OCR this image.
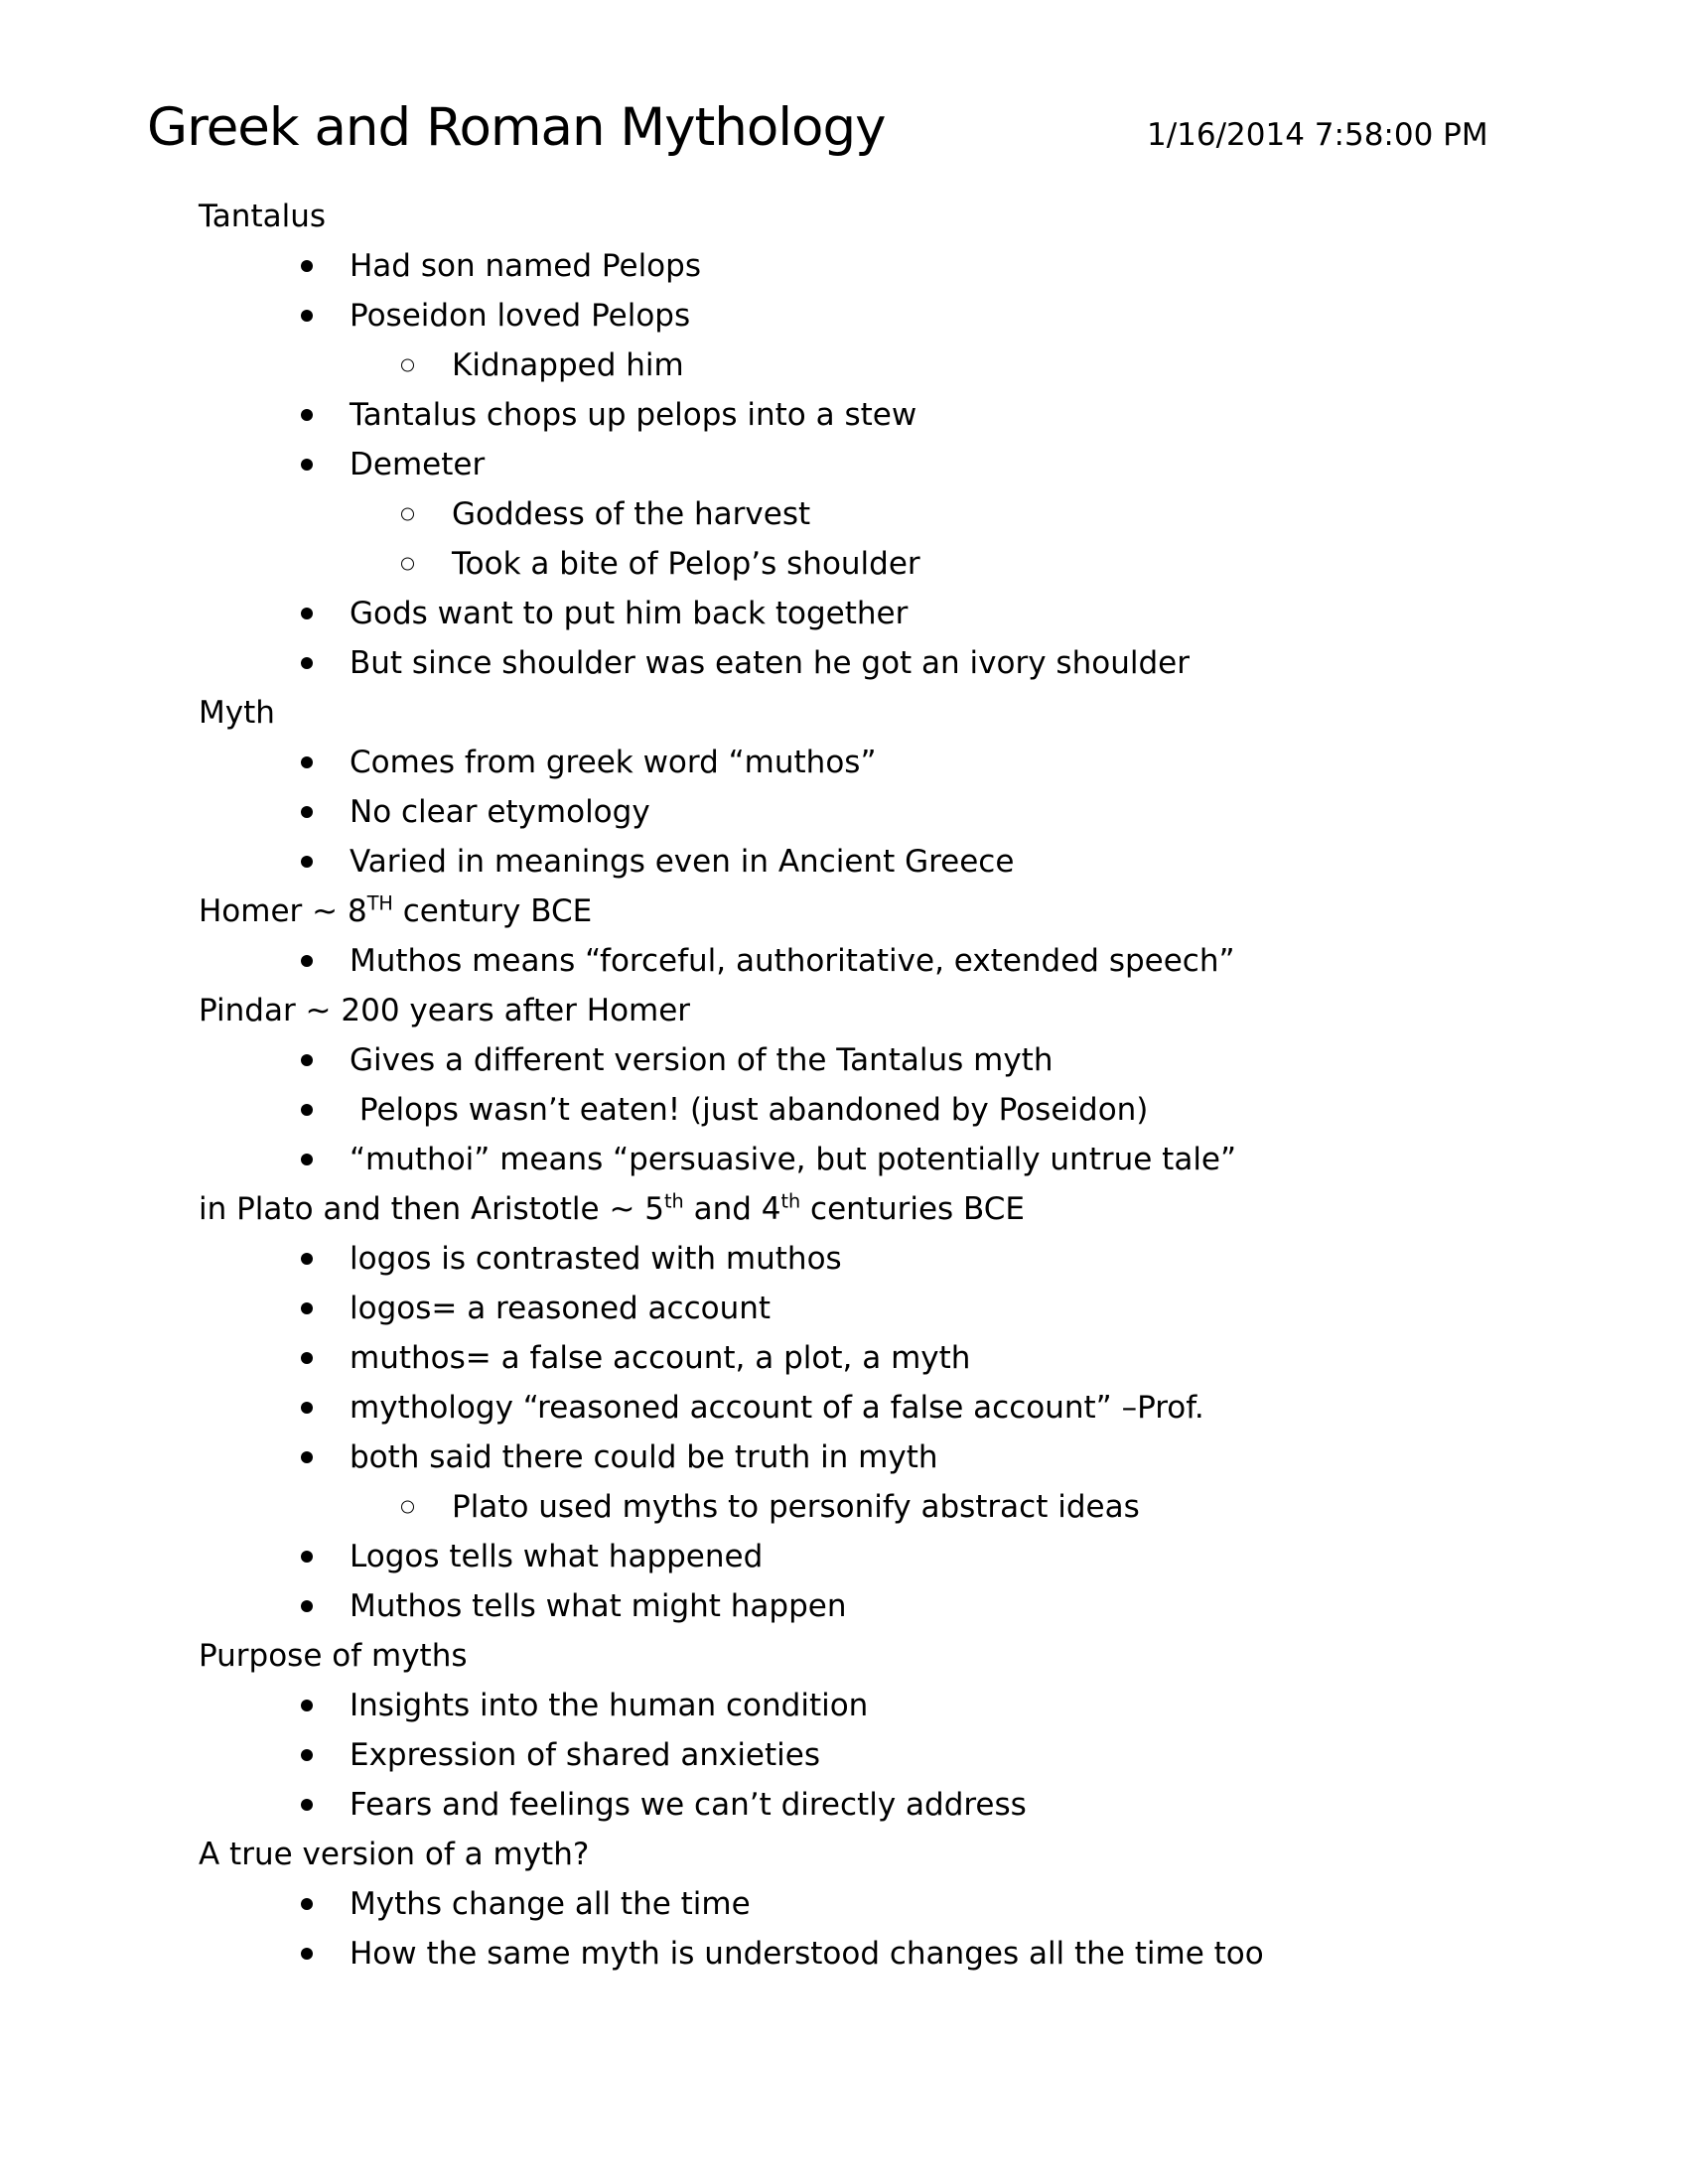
Greek and Roman Mythology	1/16/2014 7:58:00 PM
Tantalus
Had son named Pelops
Poseidon loved Pelops
Kidnapped him
Tantalus chops up pelops into a stew
Demeter
Goddess of the harvest
Took a bite of Pelop’s shoulder
Gods want to put him back together
But since shoulder was eaten he got an ivory shoulder
Myth
Comes from greek word “muthos”
No clear etymology
Varied in meanings even in Ancient Greece
Homer ~ 8TH century BCE
Muthos means “forceful, authoritative, extended speech”
Pindar ~ 200 years after Homer
Gives a different version of the Tantalus myth
Pelops wasn’t eaten! (just abandoned by Poseidon)
“muthoi” means “persuasive, but potentially untrue tale”
in Plato and then Aristotle ~ 5th and 4th centuries BCE
logos is contrasted with muthos
logos= a reasoned account
muthos= a false account, a plot, a myth
mythology “reasoned account of a false account” –Prof.
both said there could be truth in myth
Plato used myths to personify abstract ideas
Logos tells what happened
Muthos tells what might happen
Purpose of myths
Insights into the human condition
Expression of shared anxieties
Fears and feelings we can’t directly address
A true version of a myth?
Myths change all the time
How the same myth is understood changes all the time too
